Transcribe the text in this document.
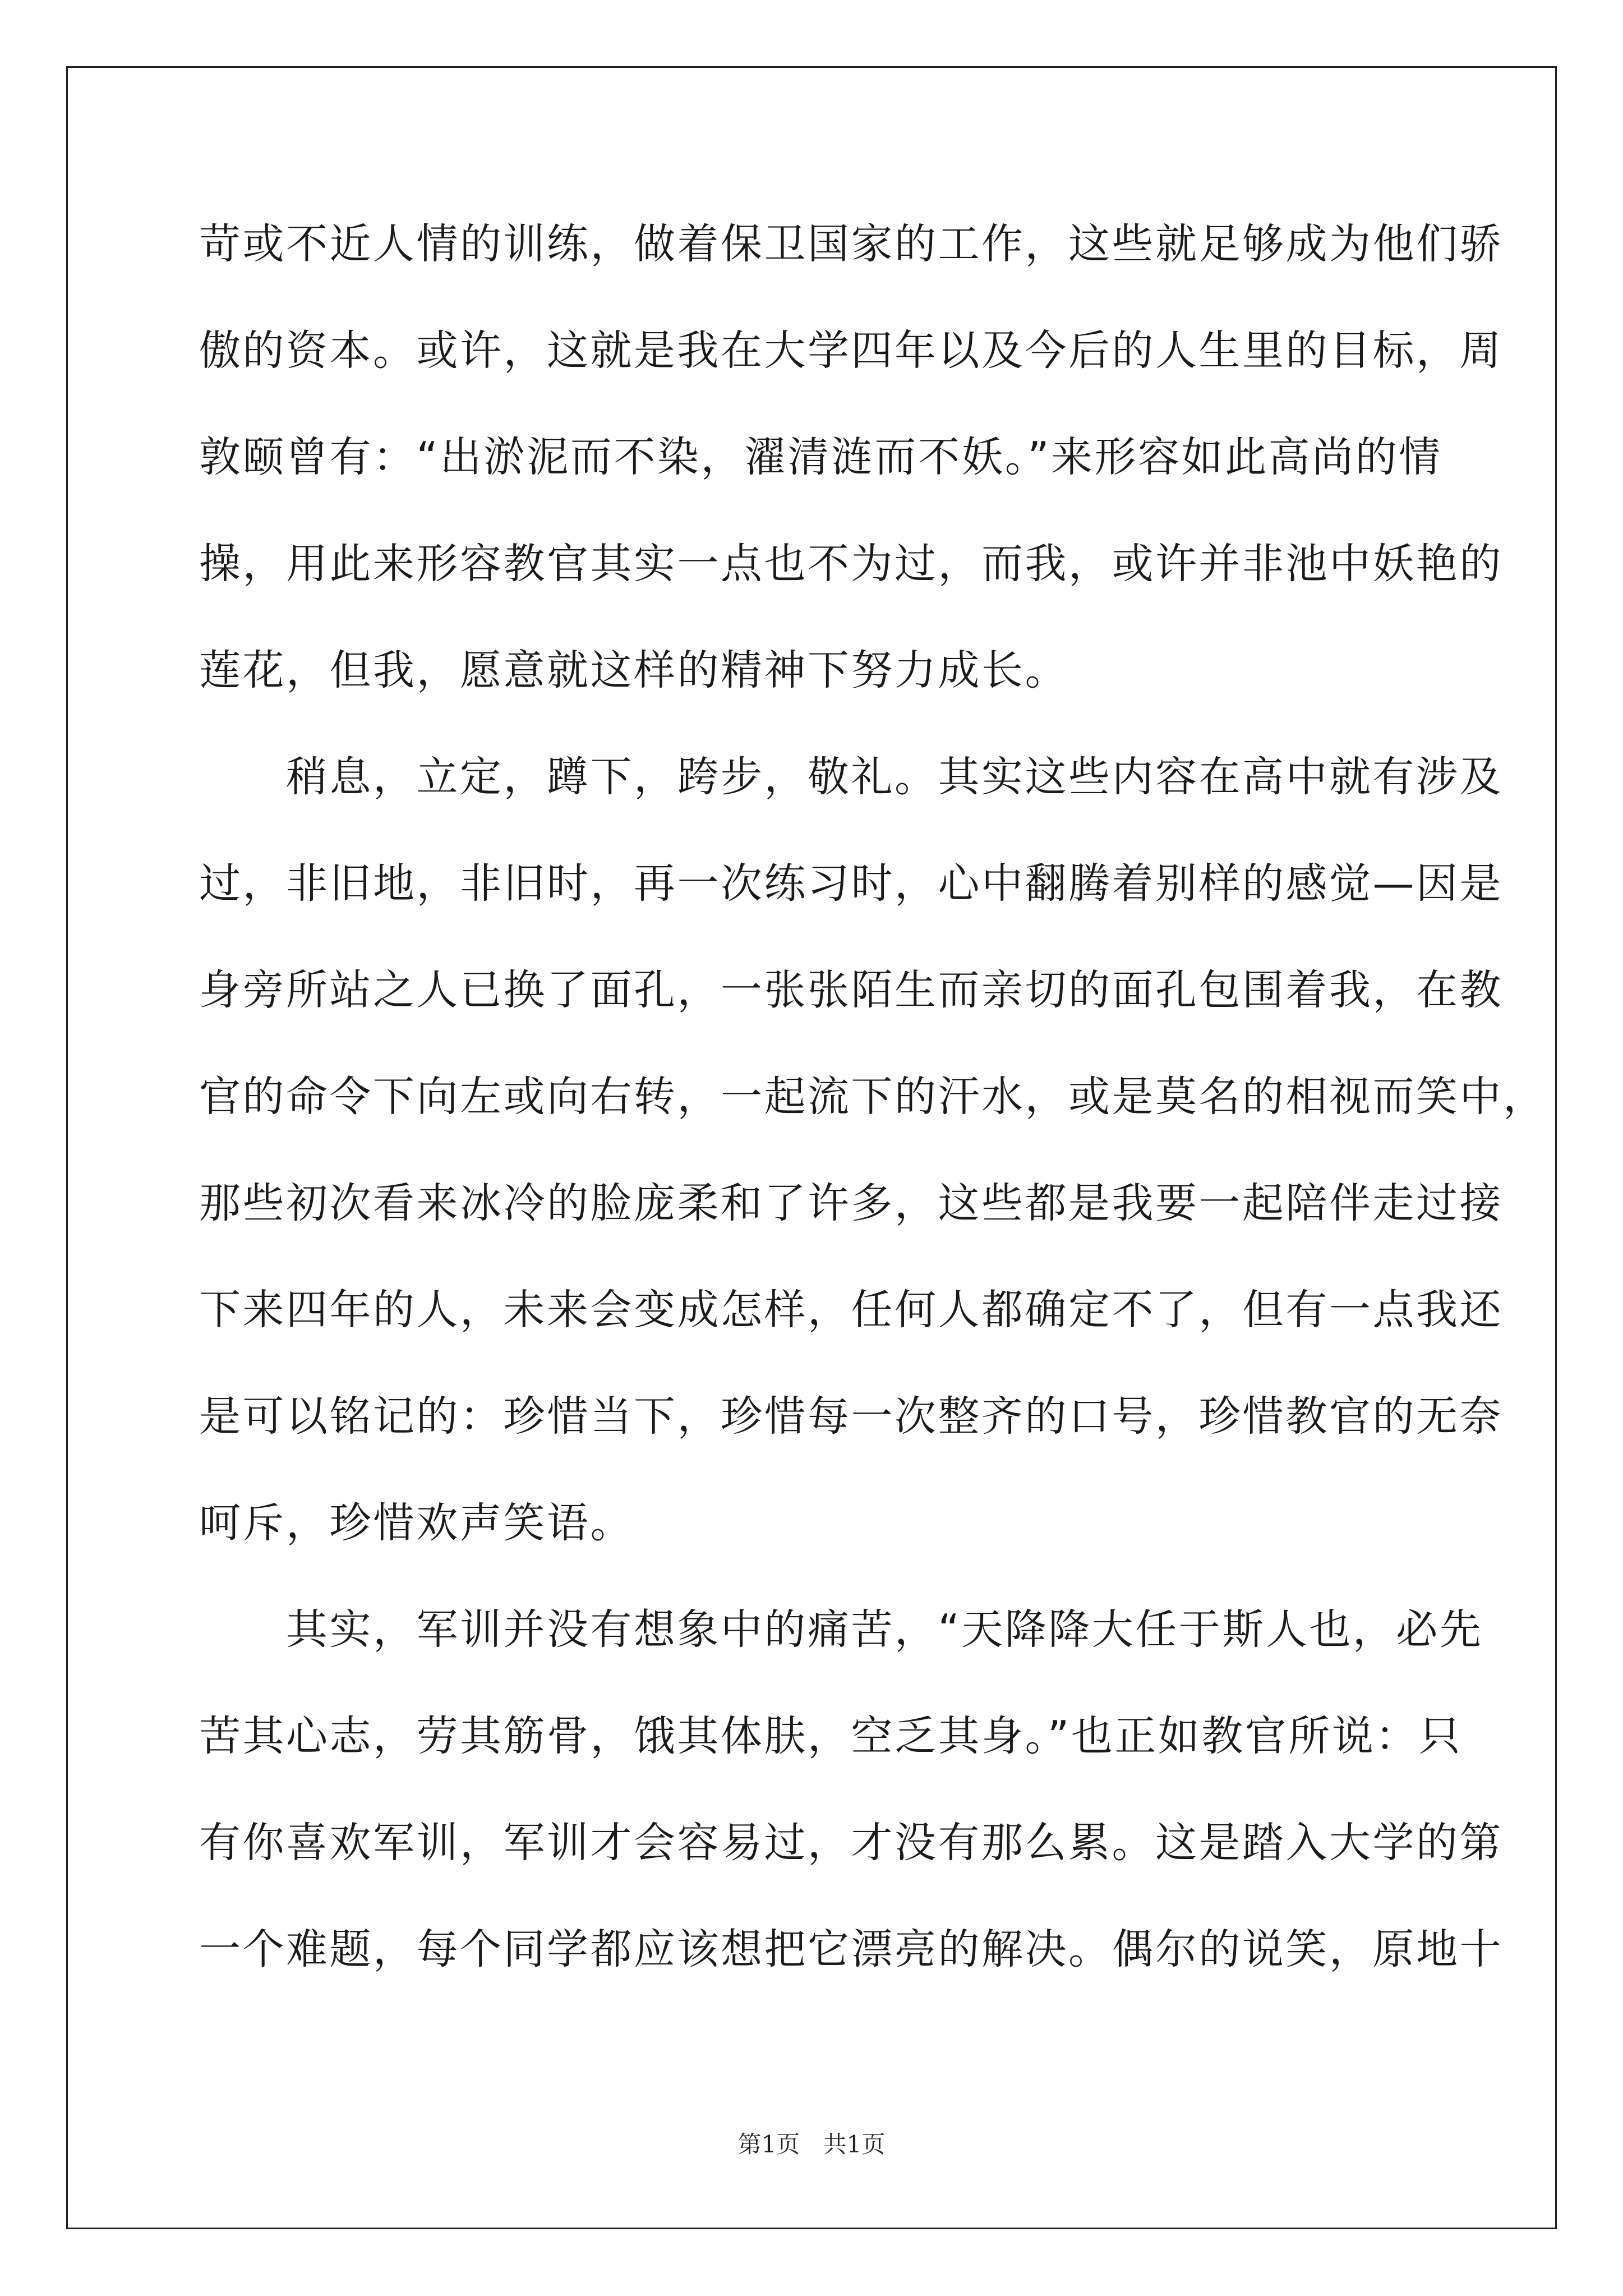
苛或不近人情的训练，做着保卫国家的工作，这些就足够成为他们骄
傲的资本。或许，这就是我在大学四年以及今后的人生里的目标，周
敦颐曾有：“出淤泥而不染，濯清涟而不妖。”来形容如此高尚的情
操，用此来形容教官其实一点也不为过，而我，或许并非池中妖艳的
莲花，但我，愿意就这样的精神下努力成长。
　　稍息，立定，蹲下，跨步，敬礼。其实这些内容在高中就有涉及
过，非旧地，非旧时，再一次练习时，心中翻腾着别样的感觉—因是
身旁所站之人已换了面孔，一张张陌生而亲切的面孔包围着我，在教
官的命令下向左或向右转，一起流下的汗水，或是莫名的相视而笑中，
那些初次看来冰冷的脸庞柔和了许多，这些都是我要一起陪伴走过接
下来四年的人，未来会变成怎样，任何人都确定不了，但有一点我还
是可以铭记的：珍惜当下，珍惜每一次整齐的口号，珍惜教官的无奈
呵斥，珍惜欢声笑语。
　　其实，军训并没有想象中的痛苦，“天降降大任于斯人也，必先
苦其心志，劳其筋骨，饿其体肤，空乏其身。”也正如教官所说：只
有你喜欢军训，军训才会容易过，才没有那么累。这是踏入大学的第
一个难题，每个同学都应该想把它漂亮的解决。偶尔的说笑，原地十
第1页 共1页
